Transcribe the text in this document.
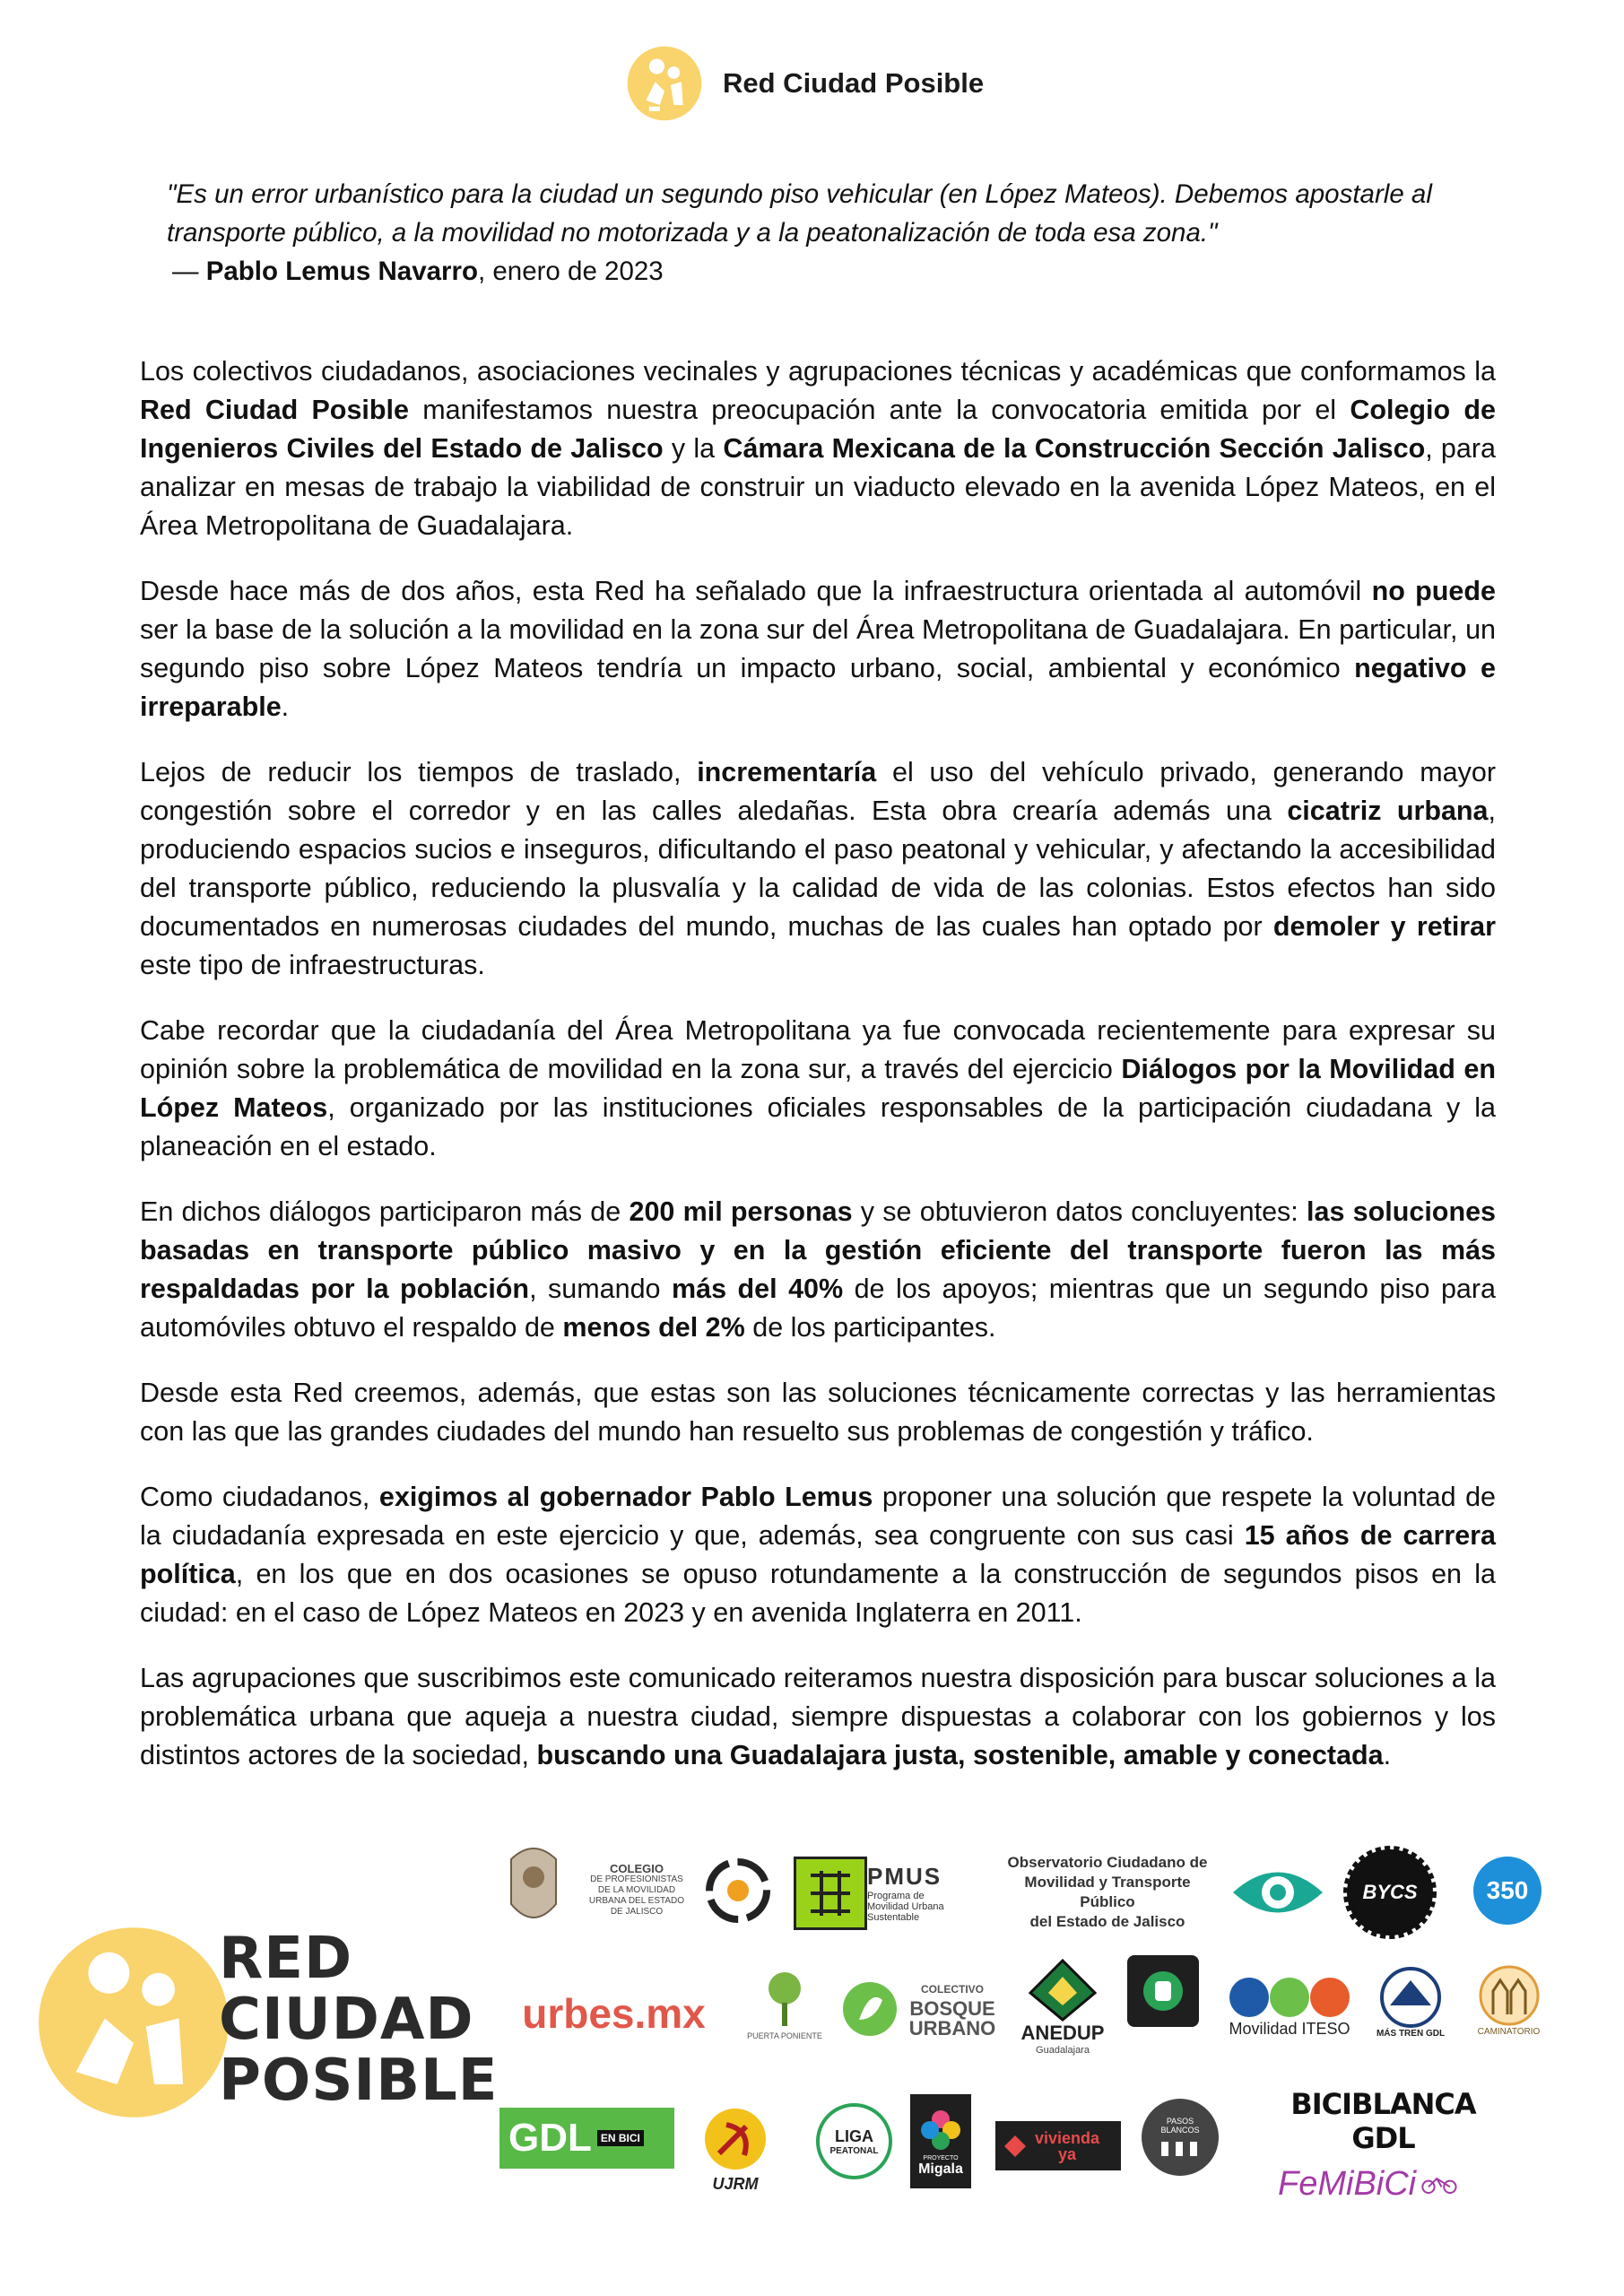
Red Ciudad Posible
"Es un error urbanístico para la ciudad un segundo piso vehicular (en López Mateos). Debemos apostarle al transporte público, a la movilidad no motorizada y a la peatonalización de toda esa zona."
— Pablo Lemus Navarro, enero de 2023

Los colectivos ciudadanos, asociaciones vecinales y agrupaciones técnicas y académicas que conformamos la Red Ciudad Posible manifestamos nuestra preocupación ante la convocatoria emitida por el Colegio de Ingenieros Civiles del Estado de Jalisco y la Cámara Mexicana de la Construcción Sección Jalisco, para analizar en mesas de trabajo la viabilidad de construir un viaducto elevado en la avenida López Mateos, en el Área Metropolitana de Guadalajara.

Desde hace más de dos años, esta Red ha señalado que la infraestructura orientada al automóvil no puede ser la base de la solución a la movilidad en la zona sur del Área Metropolitana de Guadalajara. En particular, un segundo piso sobre López Mateos tendría un impacto urbano, social, ambiental y económico negativo e irreparable.

Lejos de reducir los tiempos de traslado, incrementaría el uso del vehículo privado, generando mayor congestión sobre el corredor y en las calles aledañas. Esta obra crearía además una cicatriz urbana, produciendo espacios sucios e inseguros, dificultando el paso peatonal y vehicular, y afectando la accesibilidad del transporte público, reduciendo la plusvalía y la calidad de vida de las colonias. Estos efectos han sido documentados en numerosas ciudades del mundo, muchas de las cuales han optado por demoler y retirar este tipo de infraestructuras.

Cabe recordar que la ciudadanía del Área Metropolitana ya fue convocada recientemente para expresar su opinión sobre la problemática de movilidad en la zona sur, a través del ejercicio Diálogos por la Movilidad en López Mateos, organizado por las instituciones oficiales responsables de la participación ciudadana y la planeación en el estado.

En dichos diálogos participaron más de 200 mil personas y se obtuvieron datos concluyentes: las soluciones basadas en transporte público masivo y en la gestión eficiente del transporte fueron las más respaldadas por la población, sumando más del 40% de los apoyos; mientras que un segundo piso para automóviles obtuvo el respaldo de menos del 2% de los participantes.

Desde esta Red creemos, además, que estas son las soluciones técnicamente correctas y las herramientas con las que las grandes ciudades del mundo han resuelto sus problemas de congestión y tráfico.

Como ciudadanos, exigimos al gobernador Pablo Lemus proponer una solución que respete la voluntad de la ciudadanía expresada en este ejercicio y que, además, sea congruente con sus casi 15 años de carrera política, en los que en dos ocasiones se opuso rotundamente a la construcción de segundos pisos en la ciudad: en el caso de López Mateos en 2023 y en avenida Inglaterra en 2011.

Las agrupaciones que suscribimos este comunicado reiteramos nuestra disposición para buscar soluciones a la problemática urbana que aqueja a nuestra ciudad, siempre dispuestas a colaborar con los gobiernos y los distintos actores de la sociedad, buscando una Guadalajara justa, sostenible, amable y conectada.

RED
CIUDAD
POSIBLE
COLEGIO
DE PROFESIONISTAS
DE LA MOVILIDAD
URBANA DEL ESTADO
DE JALISCO
PMUS
Programa de
Movilidad Urbana
Sustentable
Observatorio Ciudadano de
Movilidad y Transporte Público
del Estado de Jalisco
BYCS	350
urbes.mx	PUERTA PONIENTE
COLECTIVO
BOSQUE
URBANO ANEDUP
Guadalajara
Movilidad ITESO	MÁS TREN GDL	CAMINATORIO
GDL EN BICI
UJRM
LIGA
PEATONAL
PROYECTO
Migala
vivienda
ya
PASOS
BLANCOS
BICIBLANCA GDL
FeMiBiCi
